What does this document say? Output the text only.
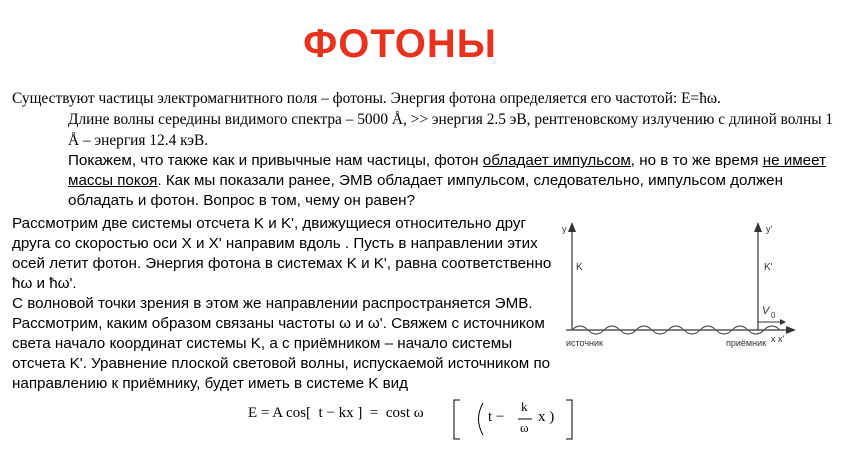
ФОТОНЫ
Существуют частицы электромагнитного поля – фотоны. Энергия фотона определяется его частотой: E=ħω.
Длине волны середины видимого спектра – 5000 Å, >> энергия 2.5 эВ, рентгеновскому излучению с длиной волны 1 Å – энергия 12.4 кэВ.
Покажем, что также как и привычные нам частицы, фотон обладает импульсом, но в то же время не имеет массы покоя. Как мы показали ранее, ЭМВ обладает импульсом, следовательно, импульсом должен обладать и фотон. Вопрос в том, чему он равен?
Рассмотрим две системы отсчета K и K', движущиеся относительно друг друга со скоростью оси X и X' направим вдоль . Пусть в направлении этих осей летит фотон. Энергия фотона в системах K и K', равна соответственно ħω и ħω'.
С волновой точки зрения в этом же направлении распространяется ЭМВ. Рассмотрим, каким образом связаны частоты ω и ω'. Свяжем с источником света начало координат системы K, а с приёмником – начало системы отсчета K'. Уравнение плоской световой волны, испускаемой источником по направлению к приёмнику, будет иметь в системе K вид
E = A cos[  t − kx ]  =  cost ω	t −
k
ω
x )
y	y'
K	K'
V 0
x x'
источник	приёмник
